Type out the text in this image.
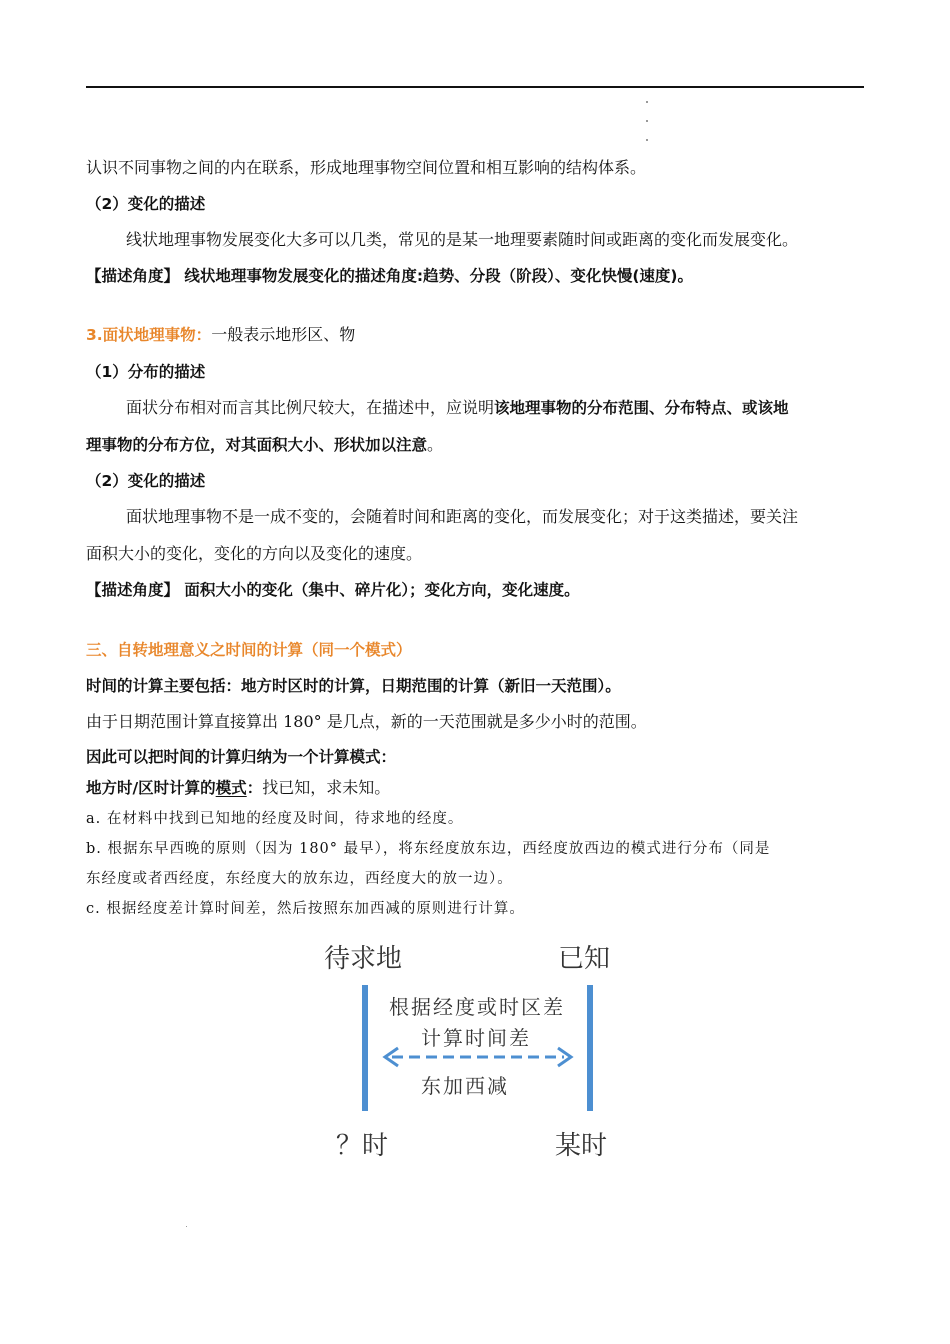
认识不同事物之间的内在联系，形成地理事物空间位置和相互影响的结构体系。
（2）变化的描述
线状地理事物发展变化大多可以几类，常见的是某一地理要素随时间或距离的变化而发展变化。
【描述角度】 线状地理事物发展变化的描述角度:趋势、分段（阶段）、变化快慢(速度)。
3.面状地理事物：一般表示地形区、物
（1）分布的描述
面状分布相对而言其比例尺较大，在描述中，应说明该地理事物的分布范围、分布特点、或该地
理事物的分布方位，对其面积大小、形状加以注意。
（2）变化的描述
面状地理事物不是一成不变的，会随着时间和距离的变化，而发展变化；对于这类描述，要关注
面积大小的变化，变化的方向以及变化的速度。
【描述角度】 面积大小的变化（集中、碎片化）；变化方向，变化速度。
三、自转地理意义之时间的计算（同一个模式）
时间的计算主要包括：地方时区时的计算，日期范围的计算（新旧一天范围）。
由于日期范围计算直接算出 180° 是几点，新的一天范围就是多少小时的范围。
因此可以把时间的计算归纳为一个计算模式：
地方时/区时计算的模式：找已知，求未知。
a. 在材料中找到已知地的经度及时间，待求地的经度。
b. 根据东早西晚的原则（因为 180° 最早），将东经度放东边，西经度放西边的模式进行分布（同是
东经度或者西经度，东经度大的放东边，西经度大的放一边）。
c. 根据经度差计算时间差，然后按照东加西减的原则进行计算。
待求地	已知
根据经度或时区差
计算时间差
东加西减
？时	某时
